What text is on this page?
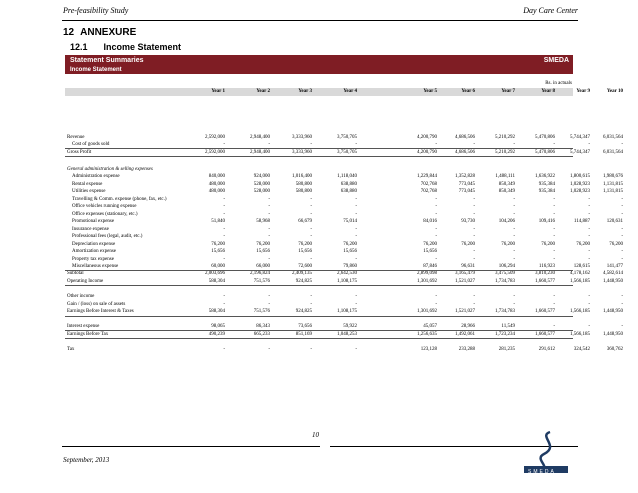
Pre-feasibility Study	Day Care Center
12 ANNEXURE
12.1 Income Statement
Statement Summaries	SMEDA
Income Statement
Rs. in actuals
Year 1	Year 2	Year 3	Year 4	Year 5	Year 6	Year 7	Year 8	Year 9	Year 10
Revenue	2,592,000	2,948,400	3,333,960	3,750,705	4,200,790	4,686,506	5,210,292	5,470,806	5,744,347	6,031,564
Cost of goods sold	-	-	-	-	-	-	-	-	-	-
Gross Profit	2,592,000	2,948,400	3,333,960	3,750,705	4,200,790	4,686,506	5,210,292	5,470,806	5,744,347	6,031,564
General administration & selling expenses
Administration expense	840,000	924,000	1,016,400	1,118,040	1,229,844	1,352,828	1,488,111	1,636,922	1,800,615	1,980,676
Rental expense	480,000	528,000	580,800	638,880	702,768	773,045	850,349	935,384	1,028,923	1,131,815
Utilities expense	480,000	528,000	580,800	638,880	702,768	773,045	850,349	935,384	1,028,923	1,131,815
Travelling & Comm. expense (phone, fax, etc.)	-	-	-	-	-	-	-	-	-	-
Office vehicles running expense	-	-	-	-	-	-	-	-	-	-
Office expenses (stationary, etc.)	-	-	-	-	-	-	-	-	-	-
Promotional expense	51,840	58,968	66,679	75,014	84,016	93,730	104,206	109,416	114,887	120,631
Insurance expense	-	-	-	-	-	-	-	-	-	-
Professional fees (legal, audit, etc.)	-	-	-	-	-	-	-	-	-	-
Depreciation expense	76,200	76,200	76,200	76,200	76,200	76,200	76,200	76,200	76,200	76,200
Amortization expense	15,656	15,656	15,656	15,656	15,656	-	-	-	-	-
Property tax expense	-	-	-	-	-	-	-	-	-	-
Miscellaneous expense	60,000	66,000	72,600	79,860	87,846	96,631	106,294	116,923	128,615	141,477
Subtotal	2,003,696	2,196,824	2,409,135	2,642,530	2,899,098	3,165,479	3,475,509	3,810,230	4,178,162	4,582,614
Operating Income	588,304	751,576	924,825	1,108,175	1,301,692	1,521,027	1,734,783	1,660,577	1,566,185	1,448,950
Other income	-	-	-	-	-	-	-	-	-	-
Gain / (loss) on sale of assets	-	-	-	-	-	-	-	-	-	-
Earnings Before Interest & Taxes	588,304	751,576	924,825	1,108,175	1,301,692	1,521,027	1,734,783	1,660,577	1,566,185	1,448,950
Interest expense	98,065	86,343	73,656	59,922	45,057	28,966	11,549	-	-	-
Earnings Before Tax	490,239	665,233	851,169	1,048,253	1,256,635	1,492,061	1,723,234	1,660,577	1,566,185	1,448,950
Tax	-	-	-	-	123,128	233,288	281,235	291,612	324,542	360,762
10
September, 2013
SMEDA
